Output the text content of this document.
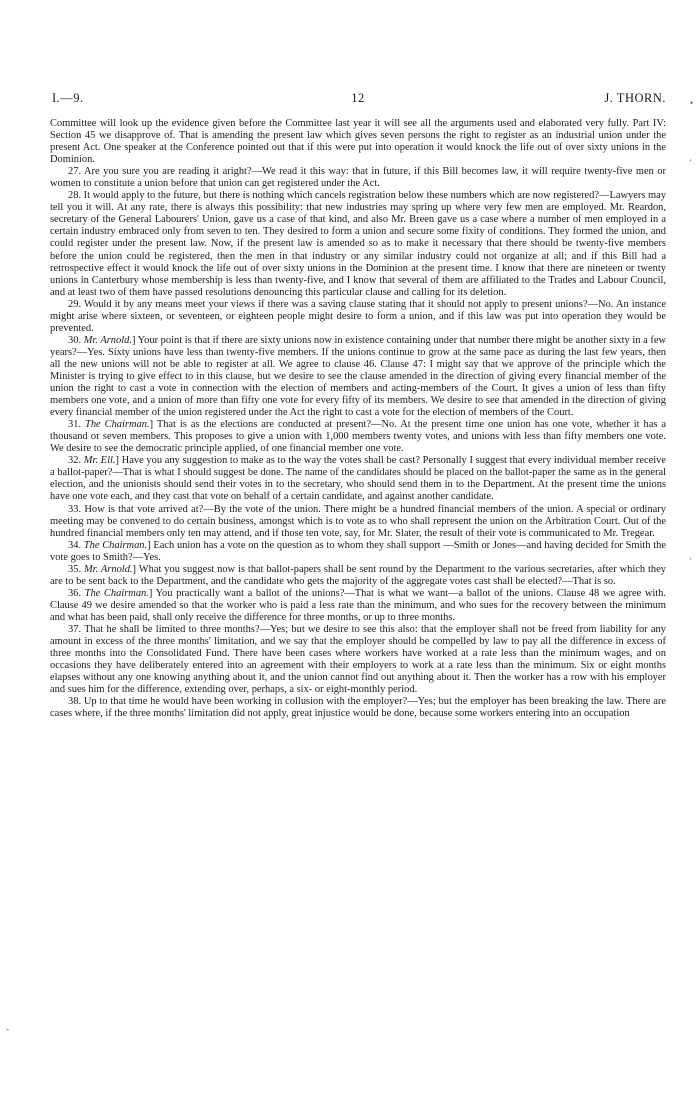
I.—9.	12	J. THORN.

Committee will look up the evidence given before the Committee last year it will see all the arguments used and elaborated very fully. Part IV: Section 45 we disapprove of. That is amending the present law which gives seven persons the right to register as an industrial union under the present Act. One speaker at the Conference pointed out that if this were put into operation it would knock the life out of over sixty unions in the Dominion.

27. Are you sure you are reading it aright?—We read it this way: that in future, if this Bill becomes law, it will require twenty-five men or women to constitute a union before that union can get registered under the Act.

28. It would apply to the future, but there is nothing which cancels registration below these numbers which are now registered?—Lawyers may tell you it will. At any rate, there is always this possibility: that new industries may spring up where very few men are employed. Mr. Reardon, secretary of the General Labourers' Union, gave us a case of that kind, and also Mr. Breen gave us a case where a number of men employed in a certain industry embraced only from seven to ten. They desired to form a union and secure some fixity of conditions. They formed the union, and could register under the present law. Now, if the present law is amended so as to make it necessary that there should be twenty-five members before the union could be registered, then the men in that industry or any similar industry could not organize at all; and if this Bill had a retrospective effect it would knock the life out of over sixty unions in the Dominion at the present time. I know that there are nineteen or twenty unions in Canterbury whose membership is less than twenty-five, and I know that several of them are affiliated to the Trades and Labour Council, and at least two of them have passed resolutions denouncing this particular clause and calling for its deletion.

29. Would it by any means meet your views if there was a saving clause stating that it should not apply to present unions?—No. An instance might arise where sixteen, or seventeen, or eighteen people might desire to form a union, and if this law was put into operation they would be prevented.

30. Mr. Arnold.] Your point is that if there are sixty unions now in existence containing under that number there might be another sixty in a few years?—Yes. Sixty unions have less than twenty-five members. If the unions continue to grow at the same pace as during the last few years, then all the new unions will not be able to register at all. We agree to clause 46. Clause 47: I might say that we approve of the principle which the Minister is trying to give effect to in this clause, but we desire to see the clause amended in the direction of giving every financial member of the union the right to cast a vote in connection with the election of members and acting-members of the Court. It gives a union of less than fifty members one vote, and a union of more than fifty one vote for every fifty of its members. We desire to see that amended in the direction of giving every financial member of the union registered under the Act the right to cast a vote for the election of members of the Court.

31. The Chairman.] That is as the elections are conducted at present?—No. At the present time one union has one vote, whether it has a thousand or seven members. This proposes to give a union with 1,000 members twenty votes, and unions with less than fifty members one vote. We desire to see the democratic principle applied, of one financial member one vote.

32. Mr. Ell.] Have you any suggestion to make as to the way the votes shall be cast? Personally I suggest that every individual member receive a ballot-paper?—That is what I should suggest be done. The name of the candidates should be placed on the ballot-paper the same as in the general election, and the unionists should send their votes in to the secretary, who should send them in to the Department. At the present time the unions have one vote each, and they cast that vote on behalf of a certain candidate, and against another candidate.

33. How is that vote arrived at?—By the vote of the union. There might be a hundred financial members of the union. A special or ordinary meeting may be convened to do certain business, amongst which is to vote as to who shall represent the union on the Arbitration Court. Out of the hundred financial members only ten may attend, and if those ten vote, say, for Mr. Slater, the result of their vote is communicated to Mr. Tregear.

34. The Chairman.] Each union has a vote on the question as to whom they shall support —Smith or Jones—and having decided for Smith the vote goes to Smith?—Yes.

35. Mr. Arnold.] What you suggest now is that ballot-papers shall be sent round by the Department to the various secretaries, after which they are to be sent back to the Department, and the candidate who gets the majority of the aggregate votes cast shall be elected?—That is so.

36. The Chairman.] You practically want a ballot of the unions?—That is what we want—a ballot of the unions. Clause 48 we agree with. Clause 49 we desire amended so that the worker who is paid a less rate than the minimum, and who sues for the recovery between the minimum and what has been paid, shall only receive the difference for three months, or up to three months.

37. That he shall be limited to three months?—Yes; but we desire to see this also: that the employer shall not be freed from liability for any amount in excess of the three months' limitation, and we say that the employer should be compelled by law to pay all the difference in excess of three months into the Consolidated Fund. There have been cases where workers have worked at a rate less than the minimum wages, and on occasions they have deliberately entered into an agreement with their employers to work at a rate less than the minimum. Six or eight months elapses without any one knowing anything about it, and the union cannot find out anything about it. Then the worker has a row with his employer and sues him for the difference, extending over, perhaps, a six- or eight-monthly period.

38. Up to that time he would have been working in collusion with the employer?—Yes; but the employer has been breaking the law. There are cases where, if the three months' limitation did not apply, great injustice would be done, because some workers entering into an occupation

•
'
'
-
